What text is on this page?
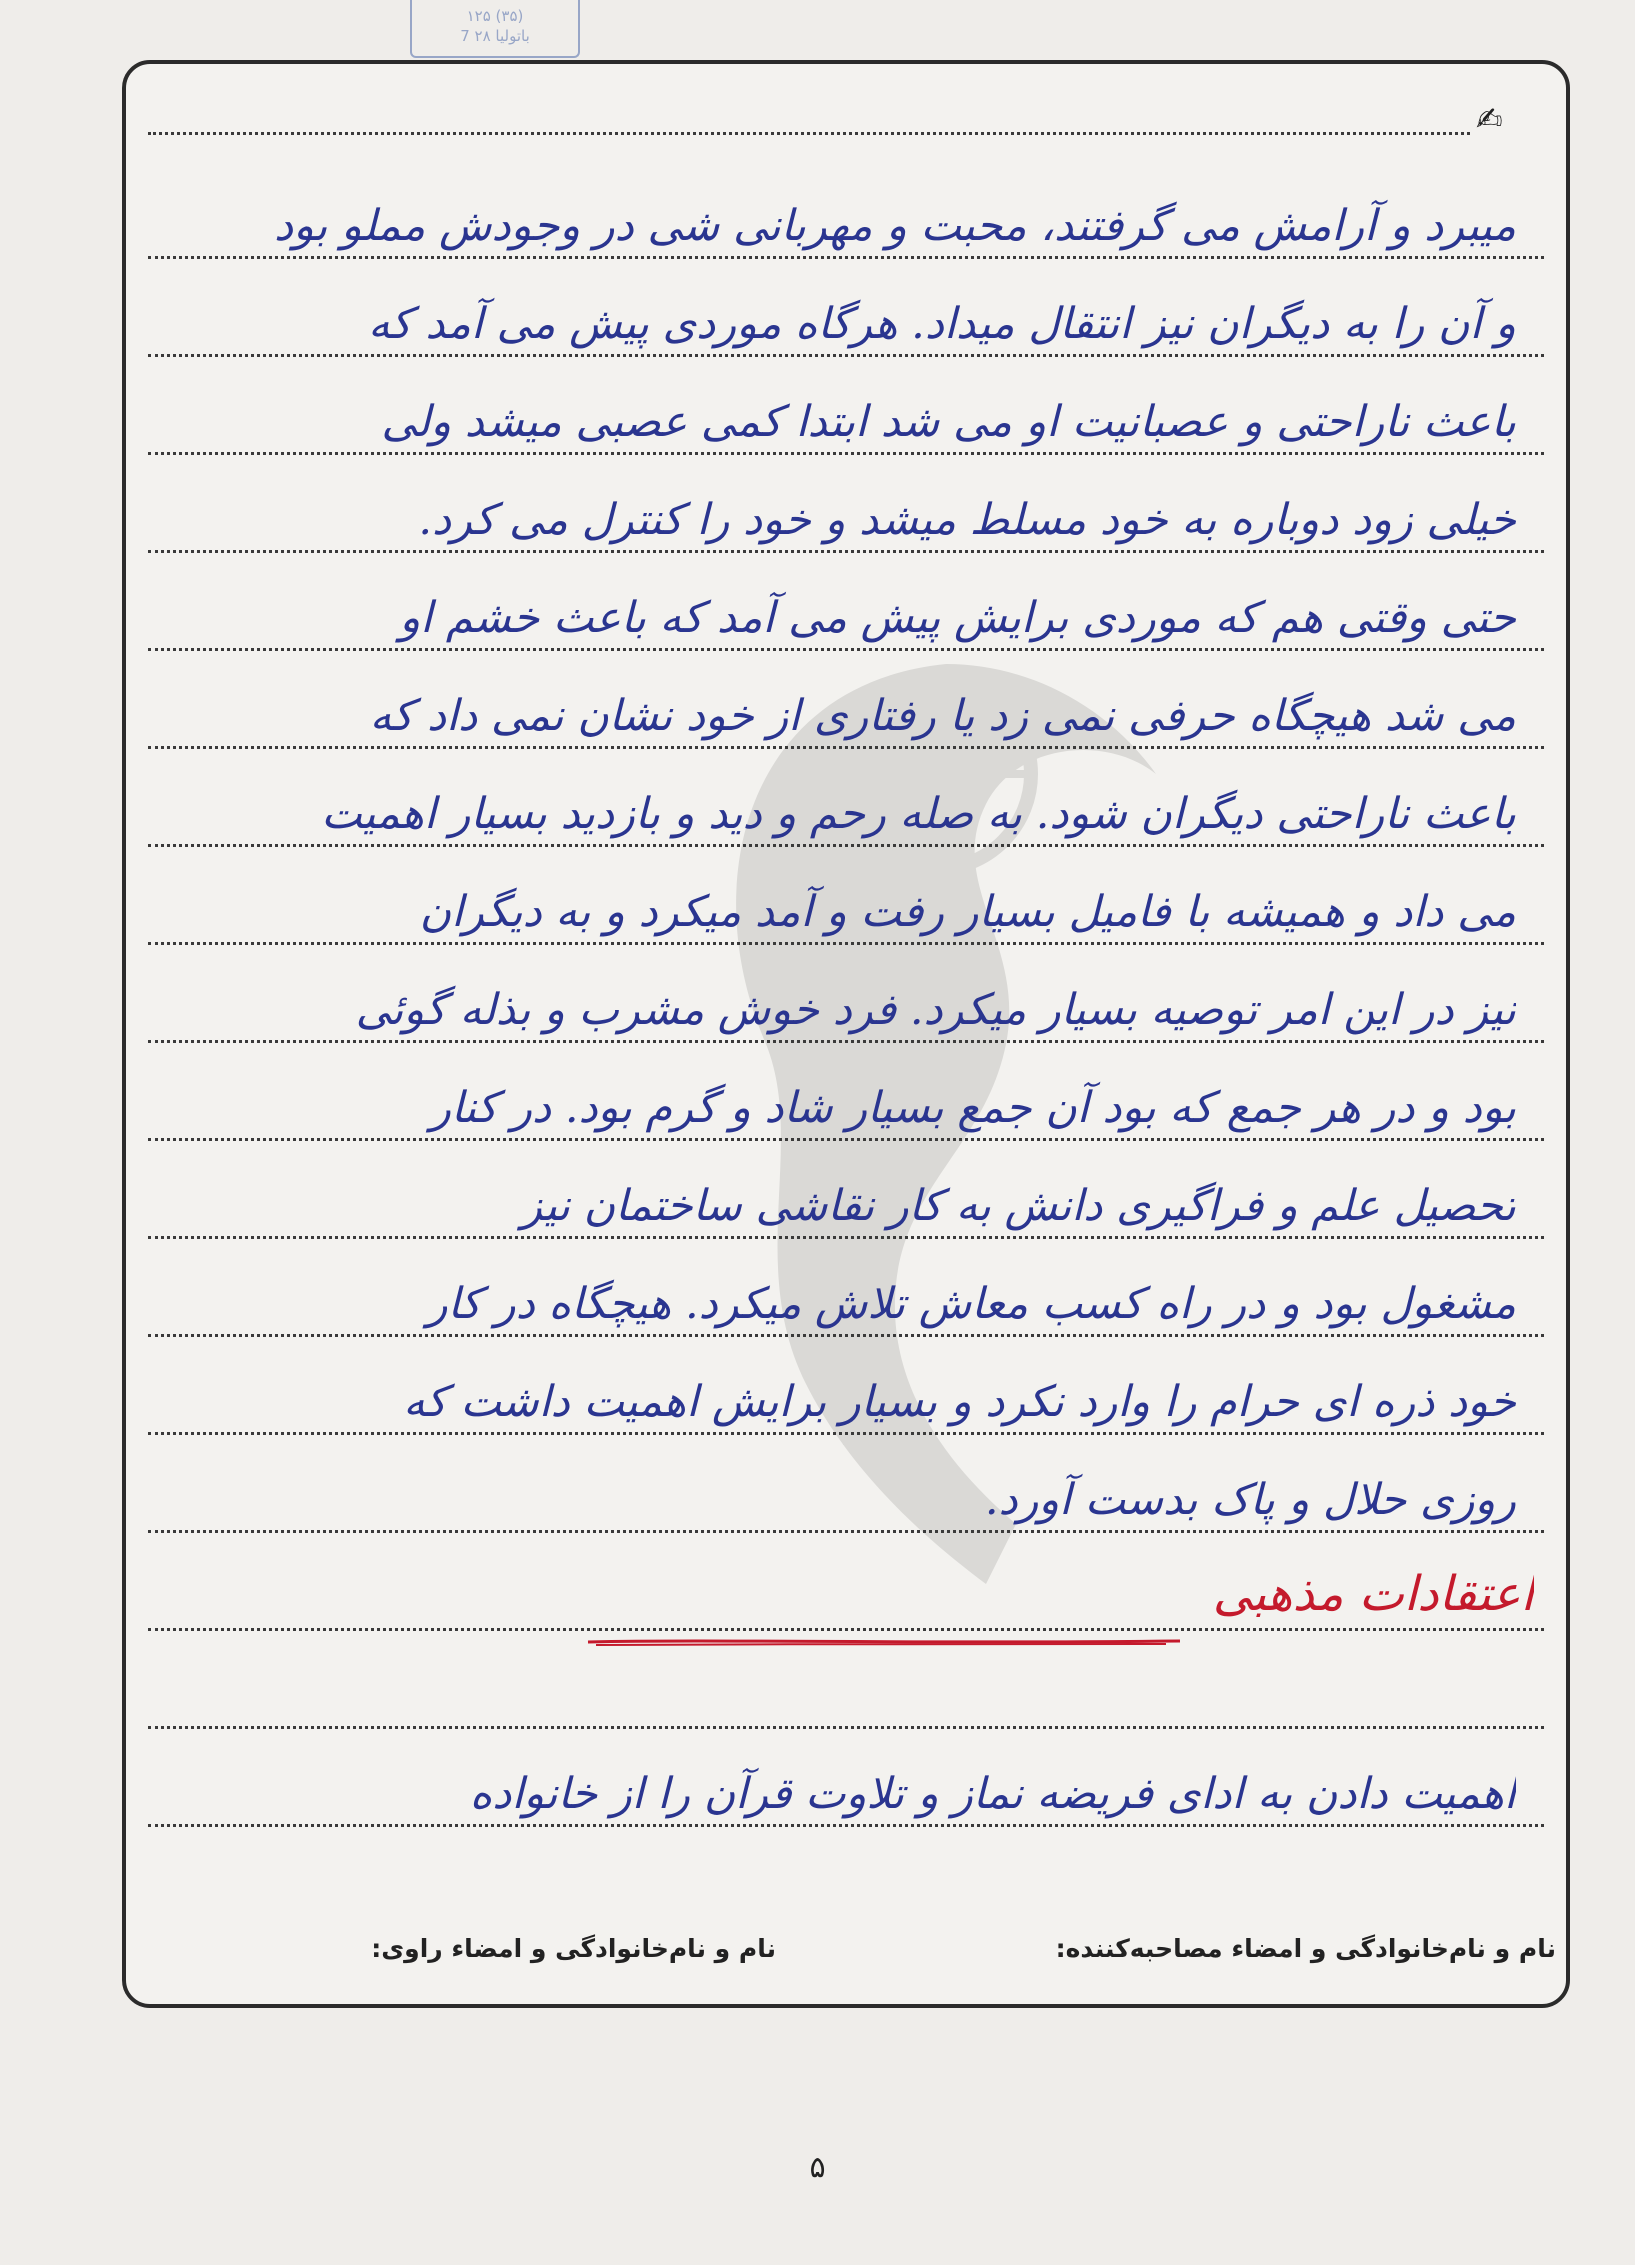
۱۲۵ (۳۵)
7 ۲۸ باتولیا
✍
میبرد و آرامش می گرفتند، محبت و مهربانی شی در وجودش مملو بود
و آن را به دیگران نیز انتقال میداد. هرگاه موردی پیش می آمد که
باعث ناراحتی و عصبانیت او می شد ابتدا کمی عصبی میشد ولی
خیلی زود دوباره به خود مسلط میشد و خود را کنترل می کرد.
حتی وقتی هم که موردی برایش پیش می آمد که باعث خشم او
می شد هیچگاه حرفی نمی زد یا رفتاری از خود نشان نمی داد که
باعث ناراحتی دیگران شود. به صله رحم و دید و بازدید بسیار اهمیت
می داد و همیشه با فامیل بسیار رفت و آمد میکرد و به دیگران
نیز در این امر توصیه بسیار میکرد. فرد خوش مشرب و بذله گوئی
بود و در هر جمع که بود آن جمع بسیار شاد و گرم بود. در کنار
تحصیل علم و فراگیری دانش به کار نقاشی ساختمان نیز
مشغول بود و در راه کسب معاش تلاش میکرد. هیچگاه در کار
خود ذره ای حرام را وارد نکرد و بسیار برایش اهمیت داشت که
روزی حلال و پاک بدست آورد.
اعتقادات مذهبی
اهمیت دادن به ادای فریضه نماز و تلاوت قرآن را از خانواده
نام و نام‌خانوادگی و امضاء مصاحبه‌کننده:
نام و نام‌خانوادگی و امضاء راوی:
۵
